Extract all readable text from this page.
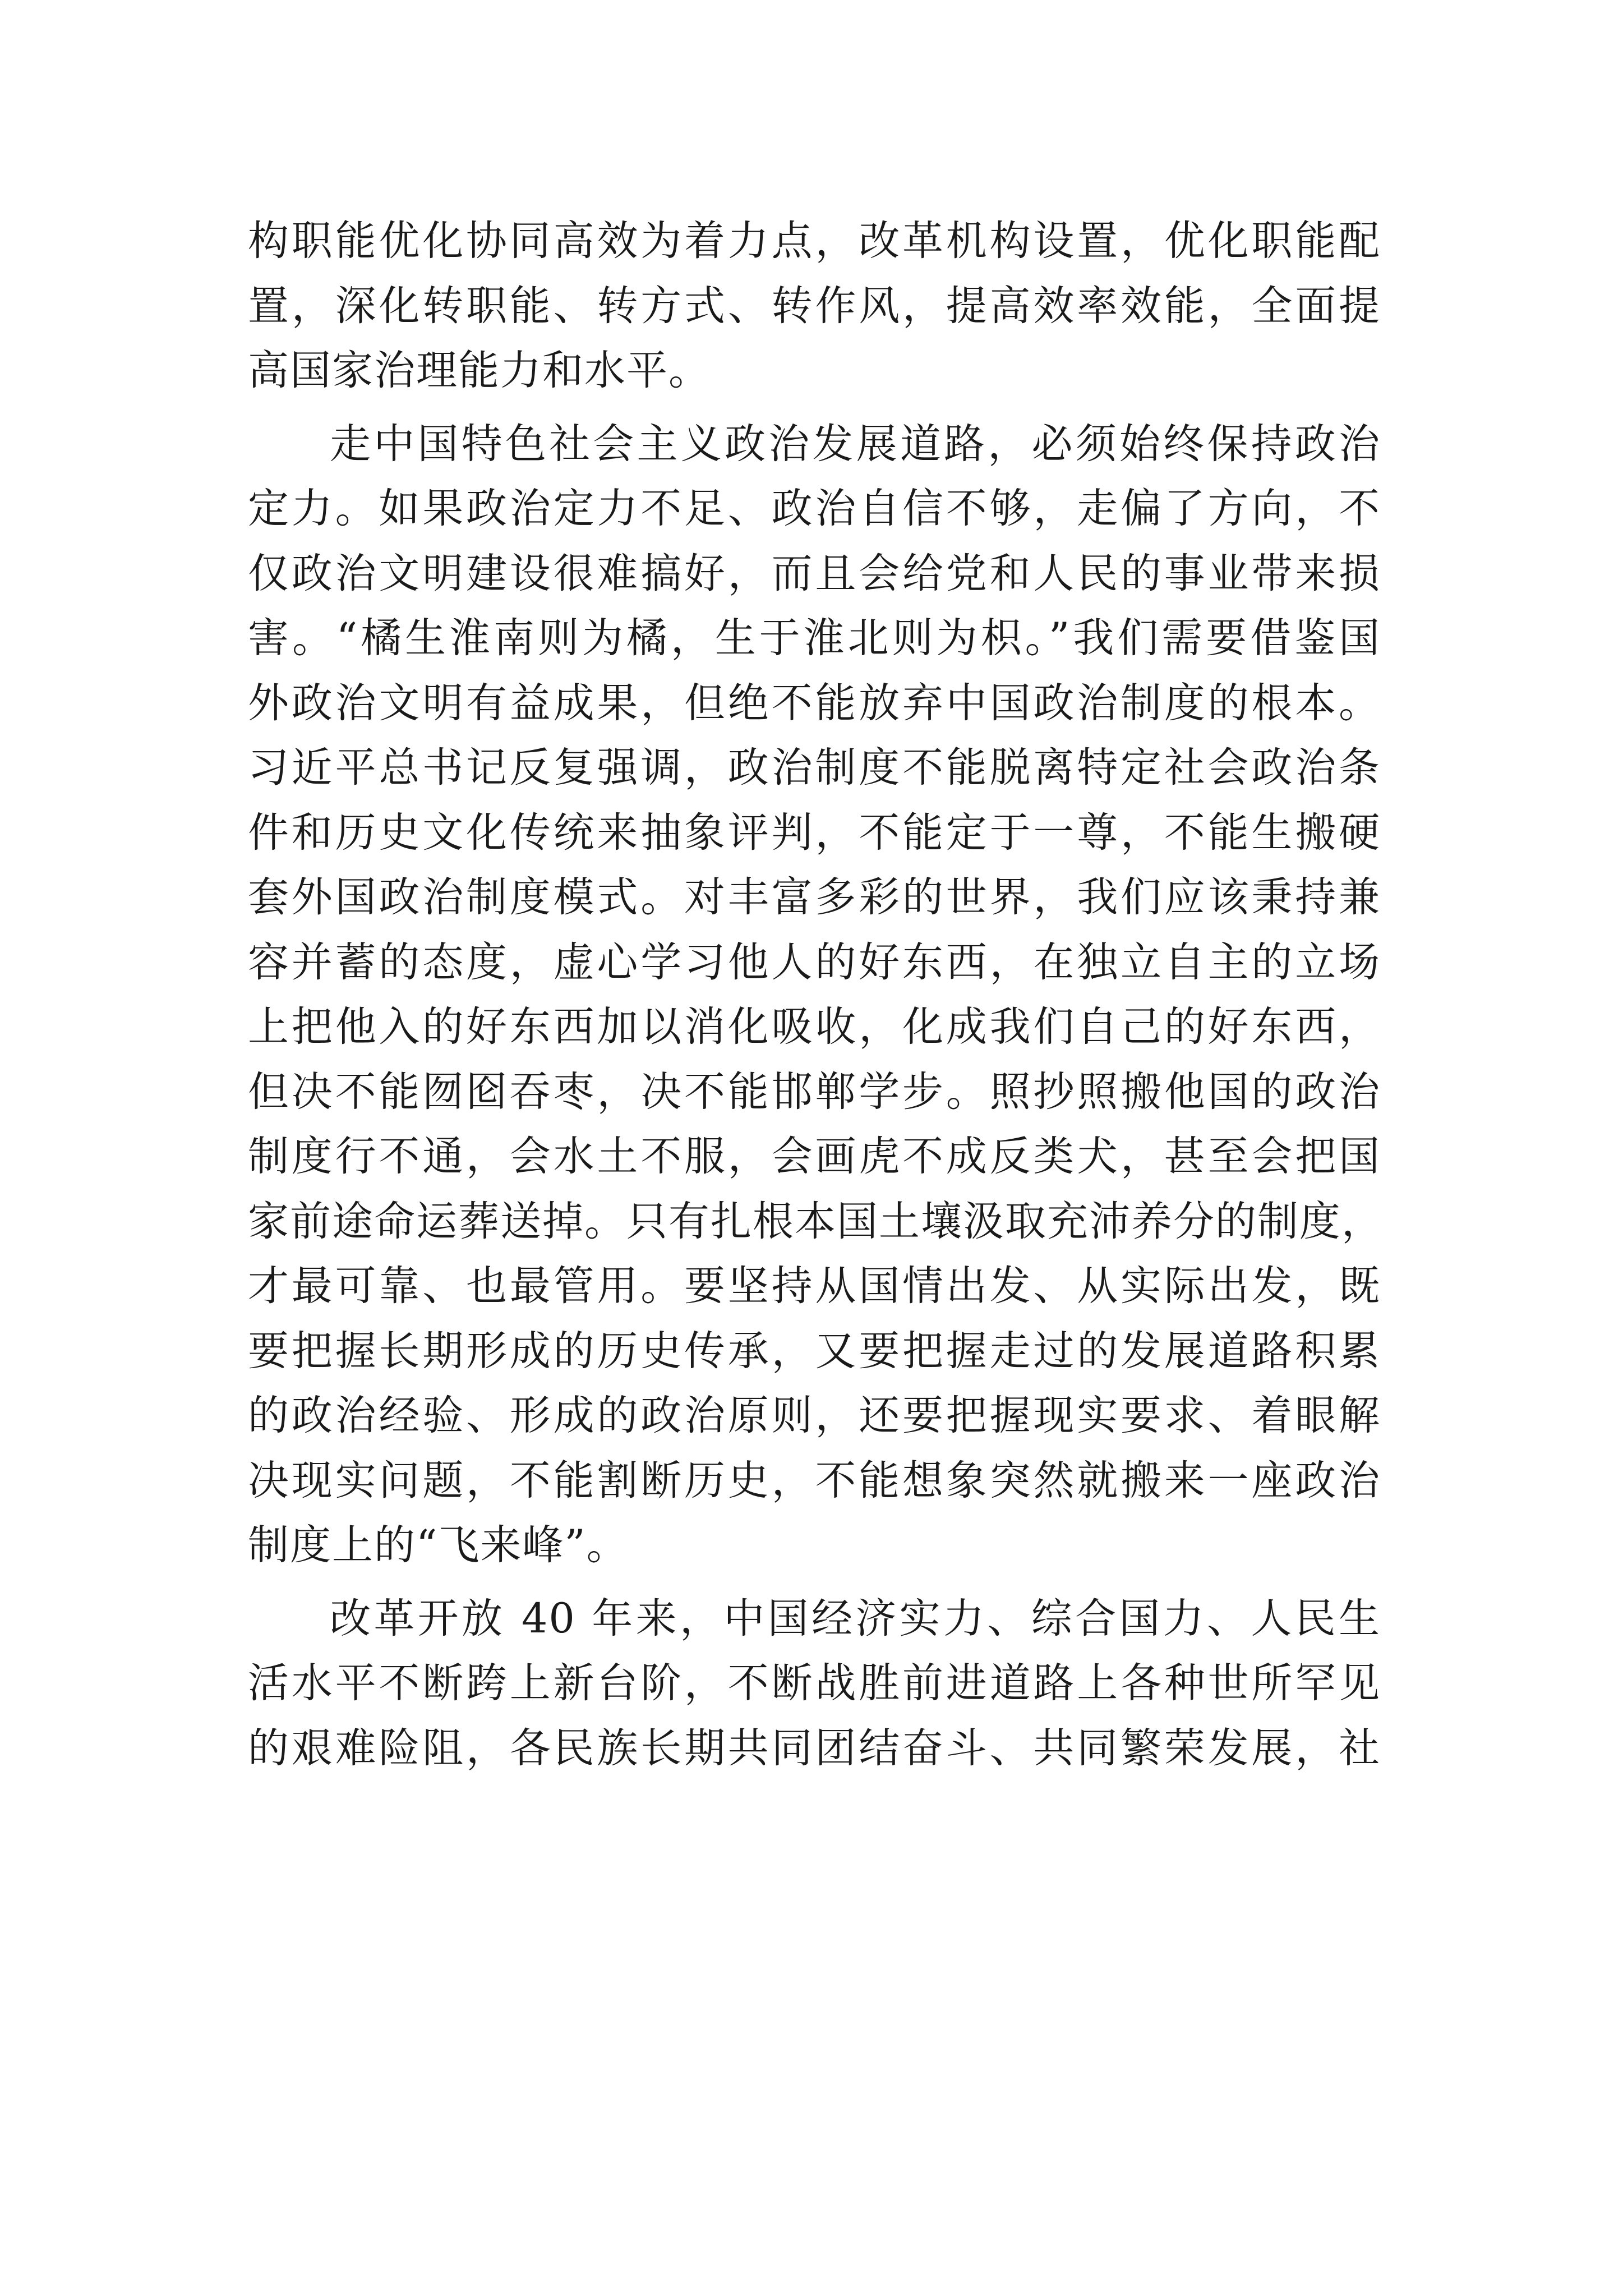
构职能优化协同高效为着力点，改革机构设置，优化职能配
置，深化转职能、转方式、转作风，提高效率效能，全面提
高国家治理能力和水平。
走中国特色社会主义政治发展道路，必须始终保持政治
定力。如果政治定力不足、政治自信不够，走偏了方向，不
仅政治文明建设很难搞好，而且会给党和人民的事业带来损
害。“橘生淮南则为橘，生于淮北则为枳。”我们需要借鉴国
外政治文明有益成果，但绝不能放弃中国政治制度的根本。
习近平总书记反复强调，政治制度不能脱离特定社会政治条
件和历史文化传统来抽象评判，不能定于一尊，不能生搬硬
套外国政治制度模式。对丰富多彩的世界，我们应该秉持兼
容并蓄的态度，虚心学习他人的好东西，在独立自主的立场
上把他入的好东西加以消化吸收，化成我们自己的好东西，
但决不能囫囵吞枣，决不能邯郸学步。照抄照搬他国的政治
制度行不通，会水土不服，会画虎不成反类犬，甚至会把国
家前途命运葬送掉。只有扎根本国土壤汲取充沛养分的制度，
才最可靠、也最管用。要坚持从国情出发、从实际出发，既
要把握长期形成的历史传承，又要把握走过的发展道路积累
的政治经验、形成的政治原则，还要把握现实要求、着眼解
决现实问题，不能割断历史，不能想象突然就搬来一座政治
制度上的“飞来峰”。
改革开放 40 年来，中国经济实力、综合国力、人民生
活水平不断跨上新台阶，不断战胜前进道路上各种世所罕见
的艰难险阻，各民族长期共同团结奋斗、共同繁荣发展，社
